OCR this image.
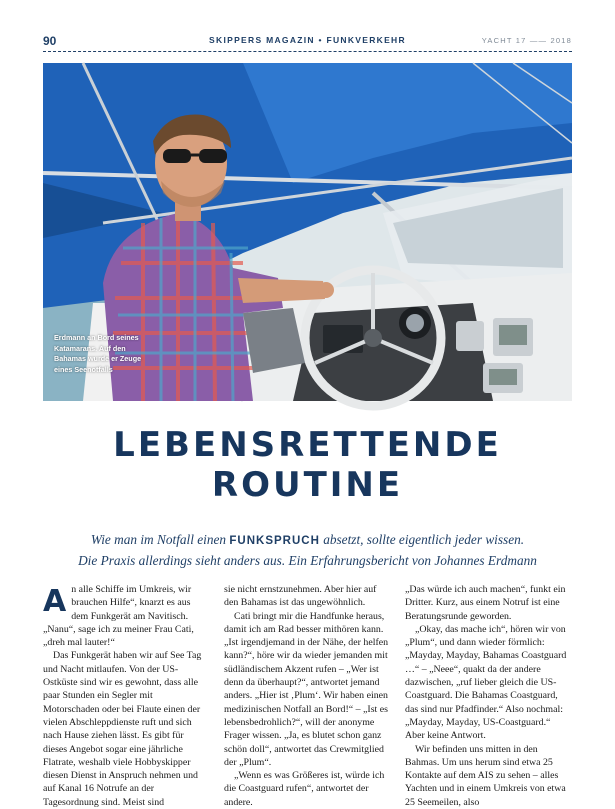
90	SKIPPERS MAGAZIN • FUNKVERKEHR	YACHT 17 —— 2018
Erdmann an Bord seines Katamarans. Auf den Bahamas wurde er Zeuge eines Seenotfalls
LEBENSRETTENDE
ROUTINE
Wie man im Notfall einen FUNKSPRUCH absetzt, sollte eigentlich jeder wissen.
Die Praxis allerdings sieht anders aus. Ein Erfahrungsbericht von Johannes Erdmann
A n alle Schiffe im Umkreis, wir brauchen Hilfe“, knarzt es aus dem Funkgerät am Navitisch. „Nanu“, sage ich zu meiner Frau Cati, „dreh mal lauter!“

Das Funkgerät haben wir auf See Tag und Nacht mitlaufen. Von der US-Ostküste sind wir es gewohnt, dass alle paar Stunden ein Segler mit Motorschaden oder bei Flaute einen der vielen Abschleppdienste ruft und sich nach Hause ziehen lässt. Es gibt für dieses Angebot sogar eine jährliche Flatrate, weshalb viele Hobbyskipper diesen Dienst in Anspruch nehmen und auf Kanal 16 Notrufe an der Tagesordnung sind. Meist sind

sie nicht ernstzunehmen. Aber hier auf den Bahamas ist das ungewöhnlich.

Cati bringt mir die Handfunke heraus, damit ich am Rad besser mithören kann. „Ist irgendjemand in der Nähe, der helfen kann?“, höre wir da wieder jemanden mit südländischem Akzent rufen – „Wer ist denn da überhaupt?“, antwortet jemand anders. „Hier ist ‚Plum‘. Wir haben einen medizinischen Notfall an Bord!“ – „Ist es lebensbedrohlich?“, will der anonyme Frager wissen. „Ja, es blutet schon ganz schön doll“, antwortet das Crewmitglied der „Plum“.

„Wenn es was Größeres ist, würde ich die Coastguard rufen“, antwortet der andere.

„Das würde ich auch machen“, funkt ein Dritter. Kurz, aus einem Notruf ist eine Beratungsrunde geworden.

„Okay, das mache ich“, hören wir von „Plum“, und dann wieder förmlich: „Mayday, Mayday, Bahamas Coastguard …“ – „Neee“, quakt da der andere dazwischen, „ruf lieber gleich die US-Coastguard. Die Bahamas Coastguard, das sind nur Pfadfinder.“ Also nochmal: „Mayday, Mayday, US-Coastguard.“ Aber keine Antwort.

Wir befinden uns mitten in den Bahmas. Um uns herum sind etwa 25 Kontakte auf dem AIS zu sehen – alles Yachten und in einem Umkreis von etwa 25 Seemeilen, also
